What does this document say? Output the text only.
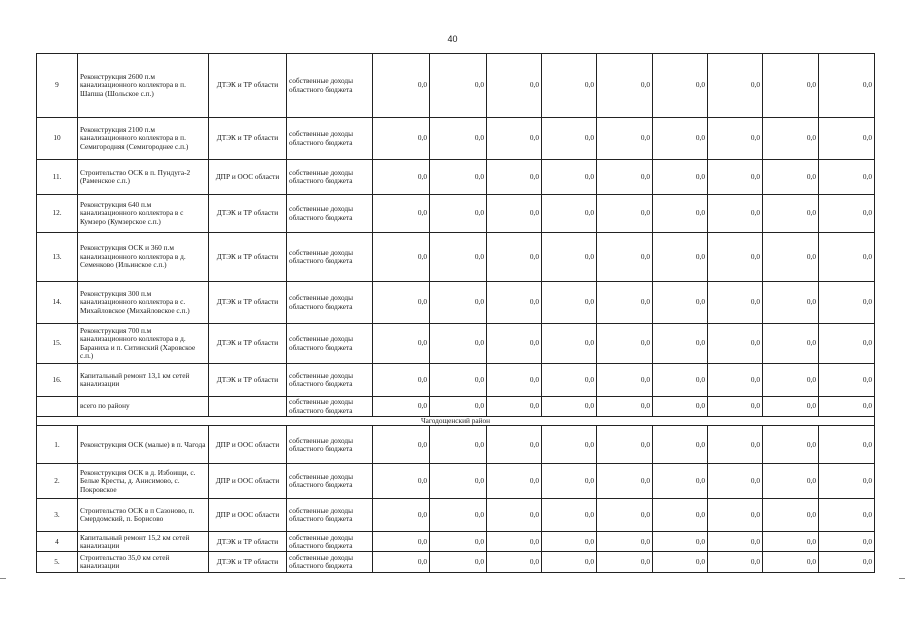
40
9	Реконструкция 2600 п.м канализационного коллектора в п. Шапша (Шольское с.п.)	ДТЭК и ТР области	собственные доходы областного бюджета	0,0	0,0	0,0	0,0	0,0	0,0	0,0	0,0	0,0
10	Реконструкция 2100 п.м канализационного коллектора в п. Семигородняя (Семигороднее с.п.)	ДТЭК и ТР области	собственные доходы областного бюджета	0,0	0,0	0,0	0,0	0,0	0,0	0,0	0,0	0,0
11.	Строительство ОСК в п. Пундуга-2 (Раменское с.п.)	ДПР и ООС области	собственные доходы областного бюджета	0,0	0,0	0,0	0,0	0,0	0,0	0,0	0,0	0,0
12.	Реконструкция 640 п.м канализационного коллектора в с Кумзеро (Кумзерское с.п.)	ДТЭК и ТР области	собственные доходы областного бюджета	0,0	0,0	0,0	0,0	0,0	0,0	0,0	0,0	0,0
13.	Реконструкция ОСК и 360 п.м канализационного коллектора в д. Семенково (Ильинское с.п.)	ДТЭК и ТР области	собственные доходы областного бюджета	0,0	0,0	0,0	0,0	0,0	0,0	0,0	0,0	0,0
14.	Реконструкция 300 п.м канализационного коллектора в с. Михайловское (Михайловское с.п.)	ДТЭК и ТР области	собственные доходы областного бюджета	0,0	0,0	0,0	0,0	0,0	0,0	0,0	0,0	0,0
15.	Реконструкция 700 п.м канализационного коллектора в д. Бараниха и п. Ситинский (Харовское с.п.)	ДТЭК и ТР области	собственные доходы областного бюджета	0,0	0,0	0,0	0,0	0,0	0,0	0,0	0,0	0,0
16.	Капитальный ремонт 13,1 км сетей канализации	ДТЭК и ТР области	собственные доходы областного бюджета	0,0	0,0	0,0	0,0	0,0	0,0	0,0	0,0	0,0
	всего по району		собственные доходы областного бюджета	0,0	0,0	0,0	0,0	0,0	0,0	0,0	0,0	0,0
Чагодощенский район												
1.	Реконструкция ОСК (малые) в п. Чагода	ДПР и ООС области	собственные доходы областного бюджета	0,0	0,0	0,0	0,0	0,0	0,0	0,0	0,0	0,0
2.	Реконструкция ОСК в д. Избоищи, с. Белые Кресты, д. Анисимово, с. Покровское	ДПР и ООС области	собственные доходы областного бюджета	0,0	0,0	0,0	0,0	0,0	0,0	0,0	0,0	0,0
3.	Строительство ОСК в п Сазоново, п. Смердомский, п. Борисово	ДПР и ООС области	собственные доходы областного бюджета	0,0	0,0	0,0	0,0	0,0	0,0	0,0	0,0	0,0
4	Капитальный ремонт 15,2 км сетей канализации	ДТЭК и ТР области	собственные доходы областного бюджета	0,0	0,0	0,0	0,0	0,0	0,0	0,0	0,0	0,0
5.	Строительство 35,0 км сетей канализации	ДТЭК и ТР области	собственные доходы областного бюджета	0,0	0,0	0,0	0,0	0,0	0,0	0,0	0,0	0,0
